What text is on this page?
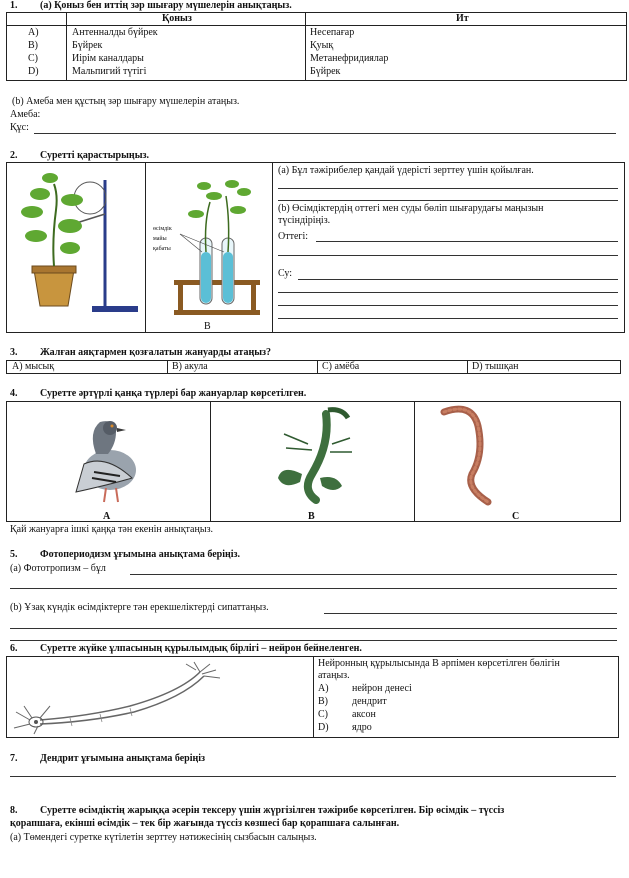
1. (а) Қоныз бен иттің зәр шығару мүшелерін анықтаңыз.
Қоныз	Ит
А)	Антенналды бүйрек	Несепағар
B)	Бүйрек	Қуық
C)	Иірім каналдары	Метанефридиялар
D)	Мальпигий түтігі	Бүйрек
(b) Амеба мен құстың зәр шығару мүшелерін атаңыз.
Амеба:
Құс:
2. Суретті қарастырыңыз.
өсімдік
майы
қабаты
B
(а) Бұл тәжірибелер қандай үдерісті зерттеу үшін қойылған.
(b) Өсімдіктердің оттегі мен суды бөліп шығарудағы маңызын
түсіндіріңіз.
Оттегі:
Су:
3. Жалған аяқтармен қозғалатын жануарды атаңыз?
А) мысық	B) акула	C) амёба	D) тышқан
4. Суретте әртүрлі қанқа түрлері бар жануарлар көрсетілген.
A	B	C
Қай жануарға ішкі қаңқа тән екенін анықтаңыз.
5. Фотопериодизм ұғымына анықтама беріңіз.
(а) Фототропизм – бұл
(b) Ұзақ күндік өсімдіктерге тән ерекшеліктерді сипаттаңыз.
6. Суретте жүйке ұлпасының құрылымдық бірлігі – нейрон бейнеленген.
Нейронның құрылысында B әрпімен көрсетілген бөлігін
атаңыз.
А) нейрон денесі
B) дендрит
C) аксон
D) ядро
7. Дендрит ұғымына анықтама беріңіз
8. Суретте өсімдіктің жарыққа әсерін тексеру үшін жүргізілген тәжірибе көрсетілген. Бір өсімдік – түссіз
қорапшаға, екінші өсімдік – тек бір жағында түссіз көзшесі бар қорапшаға салынған.
(а) Төмендегі суретке күтілетін зерттеу нәтижесінің сызбасын салыңыз.
